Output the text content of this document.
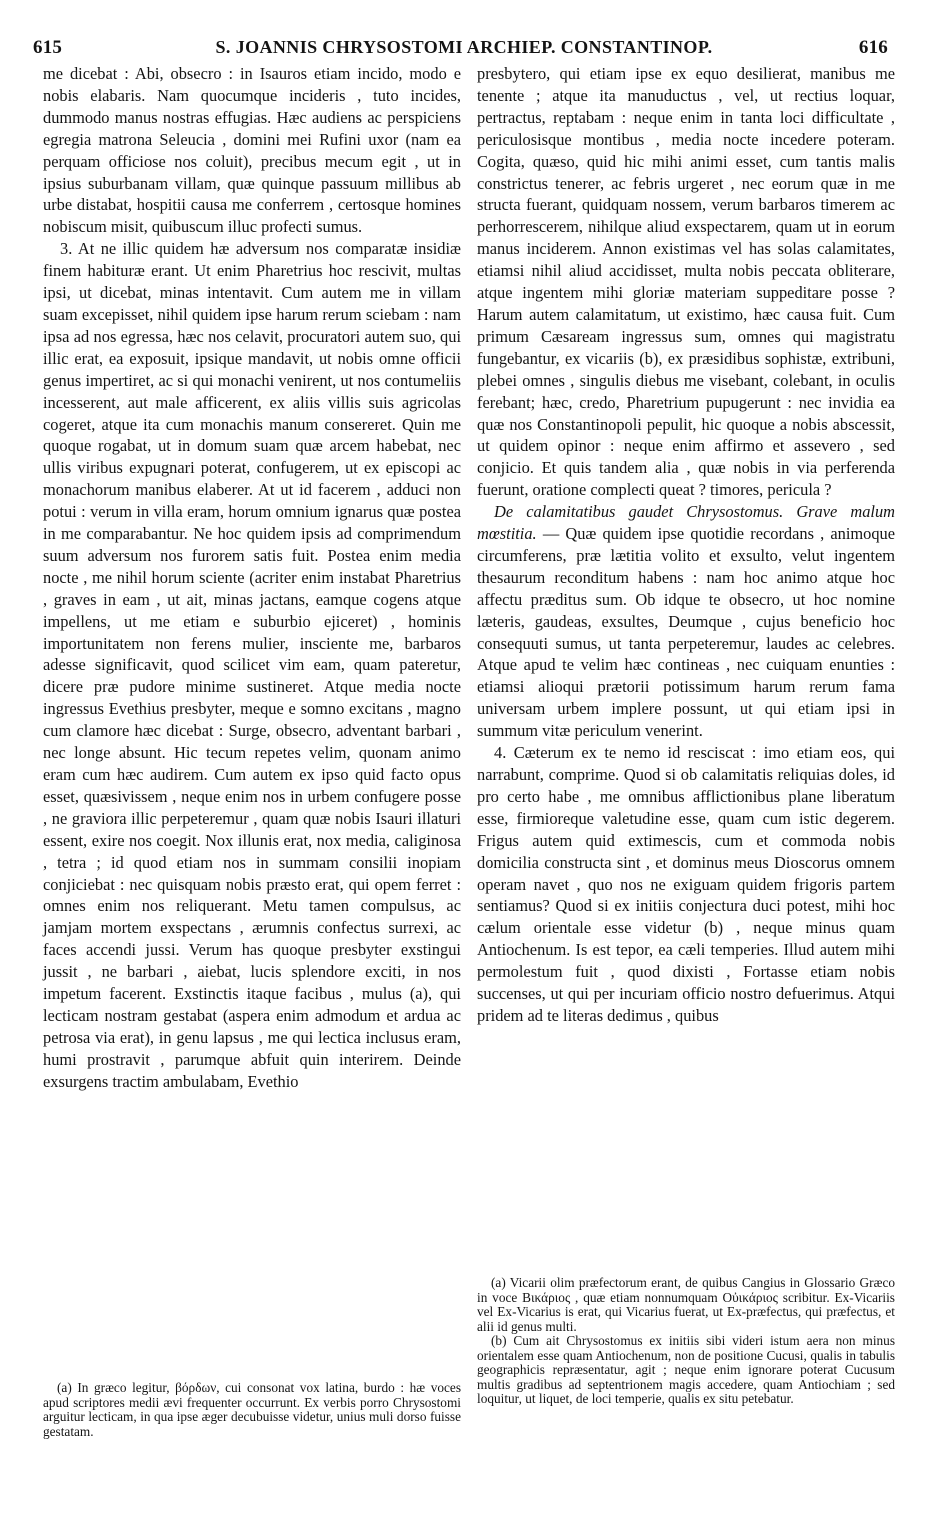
615	S. JOANNIS CHRYSOSTOMI ARCHIEP. CONSTANTINOP.	616

me dicebat : Abi, obsecro : in Isauros etiam incido, modo e nobis elabaris. Nam quocumque incideris , tuto incides, dummodo manus nostras effugias. Hæc audiens ac perspiciens egregia matrona Seleucia , domini mei Rufini uxor (nam ea perquam officiose nos coluit), precibus mecum egit , ut in ipsius suburbanam villam, quæ quinque passuum millibus ab urbe distabat, hospitii causa me conferrem , certosque homines nobiscum misit, quibuscum illuc profecti sumus.

3. At ne illic quidem hæ adversum nos comparatæ insidiæ finem habituræ erant. Ut enim Pharetrius hoc rescivit, multas ipsi, ut dicebat, minas intentavit. Cum autem me in villam suam excepisset, nihil quidem ipse harum rerum sciebam : nam ipsa ad nos egressa, hæc nos celavit, procuratori autem suo, qui illic erat, ea exposuit, ipsique mandavit, ut nobis omne officii genus impertiret, ac si qui monachi venirent, ut nos contumeliis incesserent, aut male afficerent, ex aliis villis suis agricolas cogeret, atque ita cum monachis manum consereret. Quin me quoque rogabat, ut in domum suam quæ arcem habebat, nec ullis viribus expugnari poterat, confugerem, ut ex episcopi ac monachorum manibus elaberer. At ut id facerem , adduci non potui : verum in villa eram, horum omnium ignarus quæ postea in me comparabantur. Ne hoc quidem ipsis ad comprimendum suum adversum nos furorem satis fuit. Postea enim media nocte , me nihil horum sciente (acriter enim instabat Pharetrius , graves in eam , ut ait, minas jactans, eamque cogens atque impellens, ut me etiam e suburbio ejiceret) , hominis importunitatem non ferens mulier, insciente me, barbaros adesse significavit, quod scilicet vim eam, quam pateretur, dicere præ pudore minime sustineret. Atque media nocte ingressus Evethius presbyter, meque e somno excitans , magno cum clamore hæc dicebat : Surge, obsecro, adventant barbari , nec longe absunt. Hic tecum repetes velim, quonam animo eram cum hæc audirem. Cum autem ex ipso quid facto opus esset, quæsivissem , neque enim nos in urbem confugere posse , ne graviora illic perpeteremur , quam quæ nobis Isauri illaturi essent, exire nos coegit. Nox illunis erat, nox media, caliginosa , tetra ; id quod etiam nos in summam consilii inopiam conjiciebat : nec quisquam nobis præsto erat, qui opem ferret : omnes enim nos reliquerant. Metu tamen compulsus, ac jamjam mortem exspectans , ærumnis confectus surrexi, ac faces accendi jussi. Verum has quoque presbyter exstingui jussit , ne barbari , aiebat, lucis splendore exciti, in nos impetum facerent. Exstinctis itaque facibus , mulus (a), qui lecticam nostram gestabat (aspera enim admodum et ardua ac petrosa via erat), in genu lapsus , me qui lectica inclusus eram, humi prostravit , parumque abfuit quin interirem. Deinde exsurgens tractim ambulabam, Evethio

presbytero, qui etiam ipse ex equo desilierat, manibus me tenente ; atque ita manuductus , vel, ut rectius loquar, pertractus, reptabam : neque enim in tanta loci difficultate , periculosisque montibus , media nocte incedere poteram. Cogita, quæso, quid hic mihi animi esset, cum tantis malis constrictus tenerer, ac febris urgeret , nec eorum quæ in me structa fuerant, quidquam nossem, verum barbaros timerem ac perhorrescerem, nihilque aliud exspectarem, quam ut in eorum manus inciderem. Annon existimas vel has solas calamitates, etiamsi nihil aliud accidisset, multa nobis peccata obliterare, atque ingentem mihi gloriæ materiam suppeditare posse ? Harum autem calamitatum, ut existimo, hæc causa fuit. Cum primum Cæsaream ingressus sum, omnes qui magistratu fungebantur, ex vicariis (b), ex præsidibus sophistæ, extribuni, plebei omnes , singulis diebus me visebant, colebant, in oculis ferebant; hæc, credo, Pharetrium pupugerunt : nec invidia ea quæ nos Constantinopoli pepulit, hic quoque a nobis abscessit, ut quidem opinor : neque enim affirmo et assevero , sed conjicio. Et quis tandem alia , quæ nobis in via perferenda fuerunt, oratione complecti queat ? timores, pericula ?

De calamitatibus gaudet Chrysostomus. Grave malum mœstitia. — Quæ quidem ipse quotidie recordans , animoque circumferens, præ lætitia volito et exsulto, velut ingentem thesaurum reconditum habens : nam hoc animo atque hoc affectu præditus sum. Ob idque te obsecro, ut hoc nomine læteris, gaudeas, exsultes, Deumque , cujus beneficio hoc consequuti sumus, ut tanta perpeteremur, laudes ac celebres. Atque apud te velim hæc contineas , nec cuiquam enunties : etiamsi alioqui prætorii potissimum harum rerum fama universam urbem implere possunt, ut qui etiam ipsi in summum vitæ periculum venerint.

4. Cæterum ex te nemo id resciscat : imo etiam eos, qui narrabunt, comprime. Quod si ob calamitatis reliquias doles, id pro certo habe , me omnibus afflictionibus plane liberatum esse, firmioreque valetudine esse, quam cum istic degerem. Frigus autem quid extimescis, cum et commoda nobis domicilia constructa sint , et dominus meus Dioscorus omnem operam navet , quo nos ne exiguam quidem frigoris partem sentiamus? Quod si ex initiis conjectura duci potest, mihi hoc cælum orientale esse videtur (b) , neque minus quam Antiochenum. Is est tepor, ea cæli temperies. Illud autem mihi permolestum fuit , quod dixisti , Fortasse etiam nobis succenses, ut qui per incuriam officio nostro defuerimus. Atqui pridem ad te literas dedimus , quibus

(a) In græco legitur, βόρδων, cui consonat vox latina, burdo : hæ voces apud scriptores medii ævi frequenter occurrunt. Ex verbis porro Chrysostomi arguitur lecticam, in qua ipse æger decubuisse videtur, unius muli dorso fuisse gestatam.

(a) Vicarii olim præfectorum erant, de quibus Cangius in Glossario Græco in voce Βικάριος , quæ etiam nonnumquam Οὐικάριος scribitur. Ex-Vicariis vel Ex-Vicarius is erat, qui Vicarius fuerat, ut Ex-præfectus, qui præfectus, et alii id genus multi.

(b) Cum ait Chrysostomus ex initiis sibi videri istum aera non minus orientalem esse quam Antiochenum, non de positione Cucusi, qualis in tabulis geographicis repræsentatur, agit ; neque enim ignorare poterat Cucusum multis gradibus ad septentrionem magis accedere, quam Antiochiam ; sed loquitur, ut liquet, de loci temperie, qualis ex situ petebatur.
